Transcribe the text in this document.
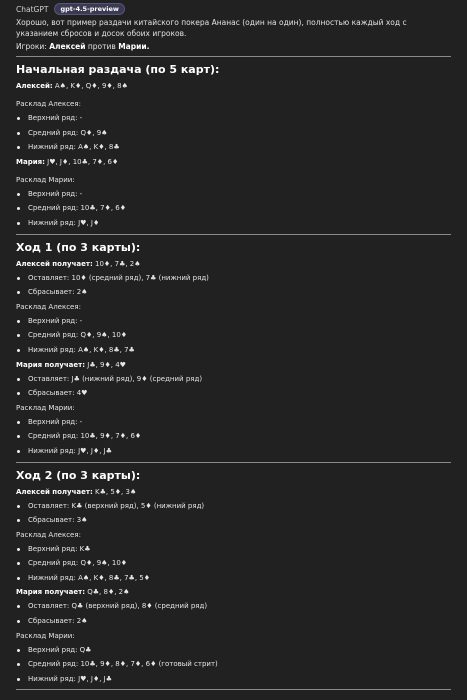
ChatGPT	gpt-4.5-preview
Хорошо, вот пример раздачи китайского покера Ананас (один на один), полностью каждый ход с указанием сбросов и досок обоих игроков.
Игроки: Алексей против Марии.
Начальная раздача (по 5 карт):
Алексей: A♠, K♦, Q♦, 9♦, 8♠
Расклад Алексея:
Верхний ряд: -
Средний ряд: Q♦, 9♠
Нижний ряд: A♠, K♦, 8♣
Мария: J♥, J♦, 10♣, 7♦, 6♦
Расклад Марии:
Верхний ряд: -
Средний ряд: 10♣, 7♦, 6♦
Нижний ряд: J♥, J♦
Ход 1 (по 3 карты):
Алексей получает: 10♦, 7♣, 2♠
Оставляет: 10♦ (средний ряд), 7♣ (нижний ряд)
Сбрасывает: 2♠
Расклад Алексея:
Верхний ряд: -
Средний ряд: Q♦, 9♠, 10♦
Нижний ряд: A♠, K♦, 8♣, 7♣
Мария получает: J♣, 9♦, 4♥
Оставляет: J♣ (нижний ряд), 9♦ (средний ряд)
Сбрасывает: 4♥
Расклад Марии:
Верхний ряд: -
Средний ряд: 10♣, 9♦, 7♦, 6♦
Нижний ряд: J♥, J♦, J♣
Ход 2 (по 3 карты):
Алексей получает: K♣, 5♦, 3♠
Оставляет: K♣ (верхний ряд), 5♦ (нижний ряд)
Сбрасывает: 3♠
Расклад Алексея:
Верхний ряд: K♣
Средний ряд: Q♦, 9♠, 10♦
Нижний ряд: A♠, K♦, 8♣, 7♣, 5♦
Мария получает: Q♣, 8♦, 2♠
Оставляет: Q♣ (верхний ряд), 8♦ (средний ряд)
Сбрасывает: 2♠
Расклад Марии:
Верхний ряд: Q♣
Средний ряд: 10♣, 9♦, 8♦, 7♦, 6♦ (готовый стрит)
Нижний ряд: J♥, J♦, J♣
